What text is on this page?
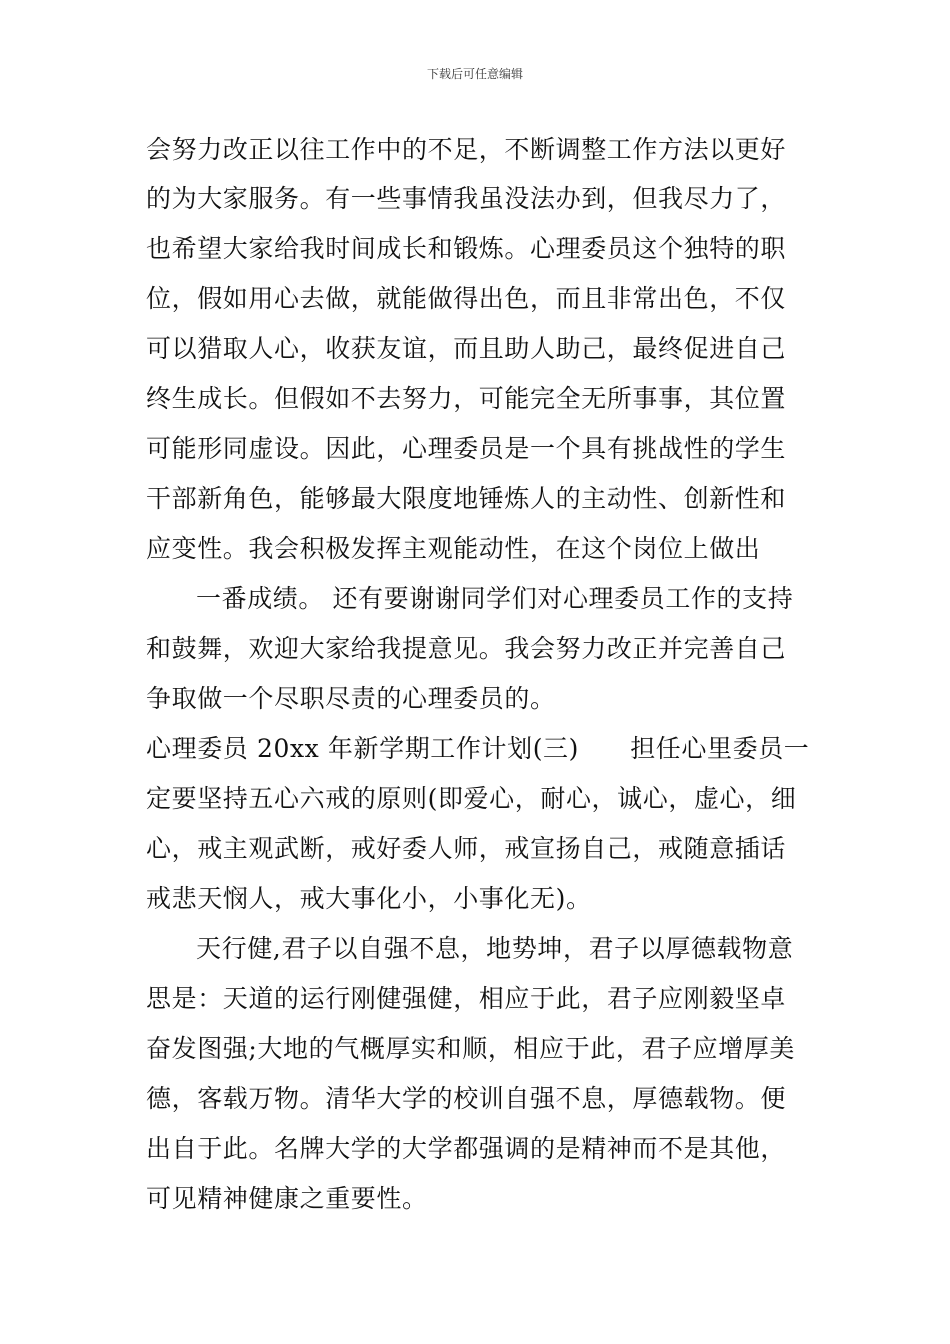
下载后可任意编辑
会努力改正以往工作中的不足，不断调整工作方法以更好
的为大家服务。有一些事情我虽没法办到，但我尽力了，
也希望大家给我时间成长和锻炼。心理委员这个独特的职
位，假如用心去做，就能做得出色，而且非常出色，不仅
可以猎取人心，收获友谊，而且助人助己，最终促进自己
终生成长。但假如不去努力，可能完全无所事事，其位置
可能形同虚设。因此，心理委员是一个具有挑战性的学生
干部新角色，能够最大限度地锤炼人的主动性、创新性和
应变性。我会积极发挥主观能动性，在这个岗位上做出
一番成绩。 还有要谢谢同学们对心理委员工作的支持
和鼓舞，欢迎大家给我提意见。我会努力改正并完善自己
争取做一个尽职尽责的心理委员的。
心理委员 20xx 年新学期工作计划(三)　　担任心里委员一
定要坚持五心六戒的原则(即爱心，耐心，诚心，虚心，细
心，戒主观武断，戒好委人师，戒宣扬自己，戒随意插话
戒悲天悯人，戒大事化小，小事化无)。
天行健,君子以自强不息，地势坤，君子以厚德载物意
思是：天道的运行刚健强健，相应于此，君子应刚毅坚卓
奋发图强;大地的气概厚实和顺，相应于此，君子应增厚美
德，客载万物。清华大学的校训自强不息，厚德载物。便
出自于此。名牌大学的大学都强调的是精神而不是其他，
可见精神健康之重要性。
